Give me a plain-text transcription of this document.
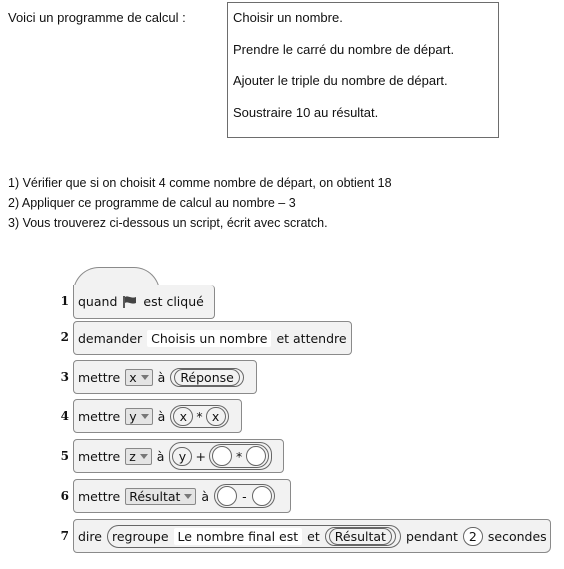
Voici un programme de calcul :	Choisir un nombre.
Prendre le carré du nombre de départ.
Ajouter le triple du nombre de départ.
Soustraire 10 au résultat.
1) Vérifier que si on choisit 4 comme nombre de départ, on obtient 18
2) Appliquer ce programme de calcul au nombre – 3
3) Vous trouverez ci-dessous un script, écrit avec scratch.
1
2
3
4
5
6
7
quand est cliqué
demander Choisis un nombre et attendre
mettre x à	Réponse
mettre y à	x * x
mettre z à	y + *
mettre Résultat à	-
dire regroupe Le nombre final est et	Résultat	pendant 2 secondes
